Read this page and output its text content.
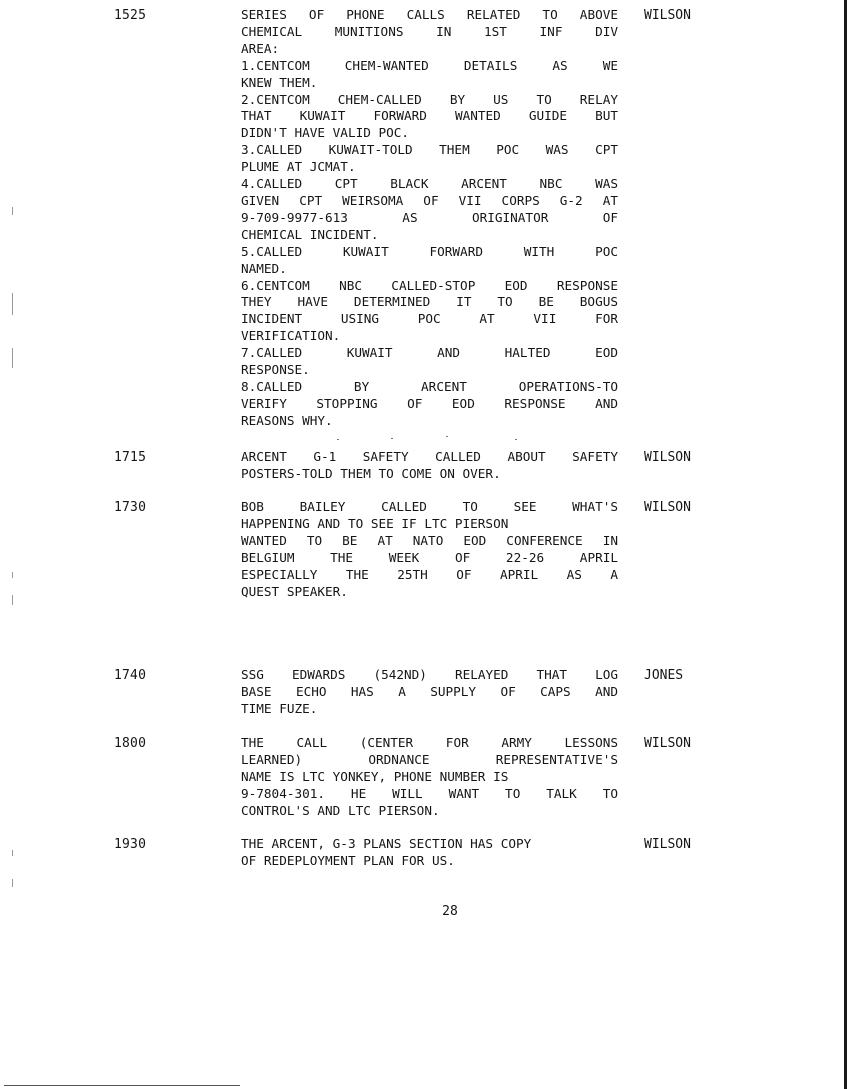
1525	SERIES OF PHONE CALLS RELATED TO ABOVE
CHEMICAL MUNITIONS IN 1ST INF DIV
AREA:
1.CENTCOM CHEM-WANTED DETAILS AS WE
KNEW THEM.
2.CENTCOM CHEM-CALLED BY US TO RELAY
THAT KUWAIT FORWARD WANTED GUIDE BUT
DIDN'T HAVE VALID POC.
3.CALLED KUWAIT-TOLD THEM POC WAS CPT
PLUME AT JCMAT.
4.CALLED CPT BLACK ARCENT NBC WAS
GIVEN CPT WEIRSOMA OF VII CORPS G-2 AT
9-709-9977-613 AS ORIGINATOR OF
CHEMICAL INCIDENT.
5.CALLED KUWAIT FORWARD WITH POC
NAMED.
6.CENTCOM NBC CALLED-STOP EOD RESPONSE
THEY HAVE DETERMINED IT TO BE BOGUS
INCIDENT USING POC AT VII FOR
VERIFICATION.
7.CALLED KUWAIT AND HALTED EOD
RESPONSE.
8.CALLED BY ARCENT OPERATIONS-TO
VERIFY STOPPING OF EOD RESPONSE AND
REASONS WHY.
WILSON
1715	ARCENT G-1 SAFETY CALLED ABOUT SAFETY
POSTERS-TOLD THEM TO COME ON OVER.
WILSON
1730	BOB BAILEY CALLED TO SEE WHAT'S
HAPPENING AND TO SEE IF LTC PIERSON
WANTED TO BE AT NATO EOD CONFERENCE IN
BELGIUM THE WEEK OF 22-26 APRIL
ESPECIALLY THE 25TH OF APRIL AS A
QUEST SPEAKER.
WILSON
1740	SSG EDWARDS (542ND) RELAYED THAT LOG
BASE ECHO HAS A SUPPLY OF CAPS AND
TIME FUZE.
JONES
1800	THE CALL (CENTER FOR ARMY LESSONS
LEARNED) ORDNANCE REPRESENTATIVE'S
NAME IS LTC YONKEY, PHONE NUMBER IS
9-7804-301. HE WILL WANT TO TALK TO
CONTROL'S AND LTC PIERSON.
WILSON
1930	THE ARCENT, G-3 PLANS SECTION HAS COPY
OF REDEPLOYMENT PLAN FOR US.
WILSON
28
